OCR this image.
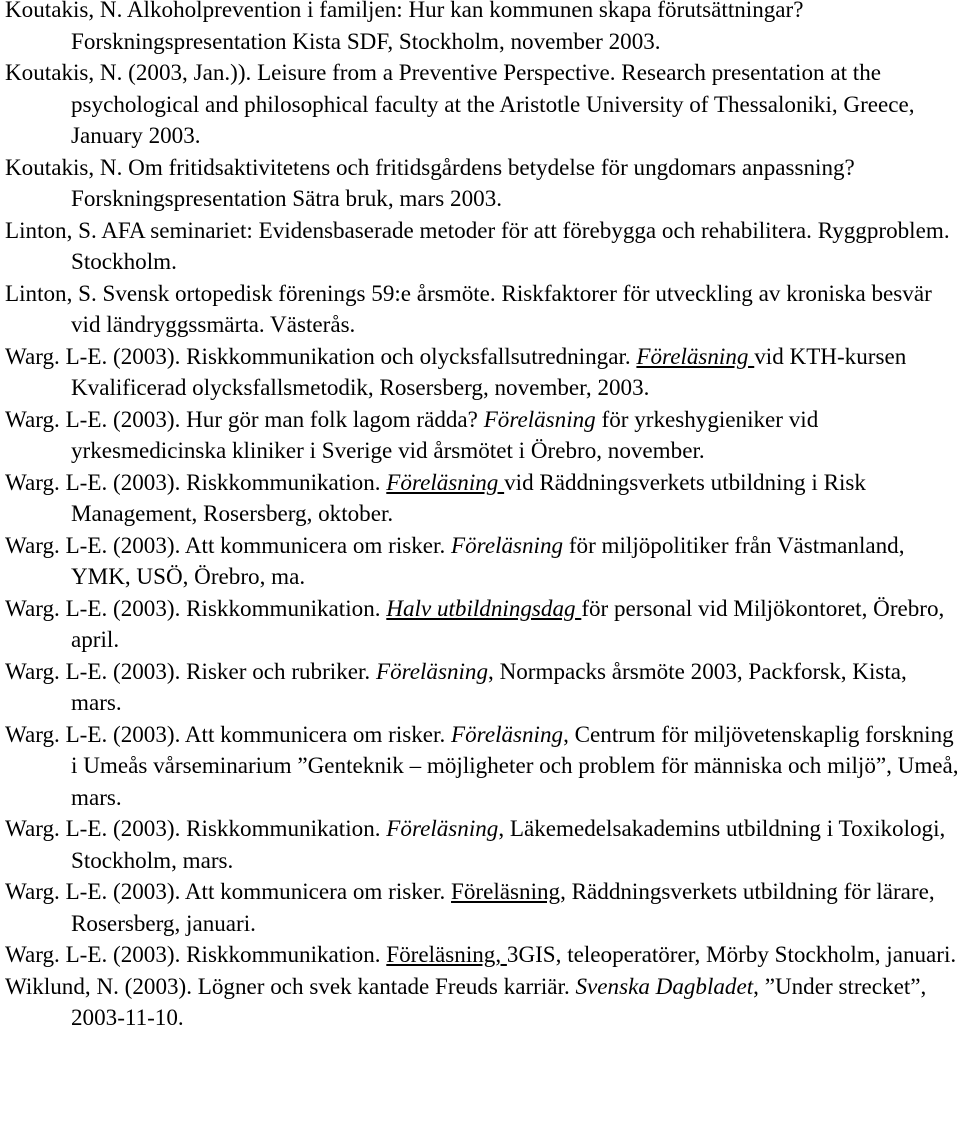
Koutakis, N. Alkoholprevention i familjen: Hur kan kommunen skapa förutsättningar? Forskningspresentation Kista SDF, Stockholm, november 2003.
Koutakis, N. (2003, Jan.)). Leisure from a Preventive Perspective. Research presentation at the psychological and philosophical faculty at the Aristotle University of Thessaloniki, Greece, January 2003.
Koutakis, N. Om fritidsaktivitetens och fritidsgårdens betydelse för ungdomars anpassning? Forskningspresentation Sätra bruk, mars 2003.
Linton, S. AFA seminariet: Evidensbaserade metoder för att förebygga och rehabilitera. Ryggproblem. Stockholm.
Linton, S. Svensk ortopedisk förenings 59:e årsmöte. Riskfaktorer för utveckling av kroniska besvär vid ländryggssmärta. Västerås.
Warg. L-E. (2003). Riskkommunikation och olycksfallsutredningar. Föreläsning vid KTH-kursen Kvalificerad olycksfallsmetodik, Rosersberg, november, 2003.
Warg. L-E. (2003). Hur gör man folk lagom rädda? Föreläsning för yrkeshygieniker vid yrkesmedicinska kliniker i Sverige vid årsmötet i Örebro, november.
Warg. L-E. (2003). Riskkommunikation. Föreläsning vid Räddningsverkets utbildning i Risk Management, Rosersberg, oktober.
Warg. L-E. (2003). Att kommunicera om risker. Föreläsning för miljöpolitiker från Västmanland, YMK, USÖ, Örebro, ma.
Warg. L-E. (2003). Riskkommunikation. Halv utbildningsdag för personal vid Miljökontoret, Örebro, april.
Warg. L-E. (2003). Risker och rubriker. Föreläsning, Normpacks årsmöte 2003, Packforsk, Kista, mars.
Warg. L-E. (2003). Att kommunicera om risker. Föreläsning, Centrum för miljövetenskaplig forskning i Umeås vårseminarium ”Genteknik – möjligheter och problem för människa och miljö”, Umeå, mars.
Warg. L-E. (2003). Riskkommunikation. Föreläsning, Läkemedelsakademins utbildning i Toxikologi, Stockholm, mars.
Warg. L-E. (2003). Att kommunicera om risker. Föreläsning, Räddningsverkets utbildning för lärare, Rosersberg, januari.
Warg. L-E. (2003). Riskkommunikation. Föreläsning, 3GIS, teleoperatörer, Mörby Stockholm, januari.
Wiklund, N. (2003). Lögner och svek kantade Freuds karriär. Svenska Dagbladet, ”Under strecket”, 2003-11-10.
